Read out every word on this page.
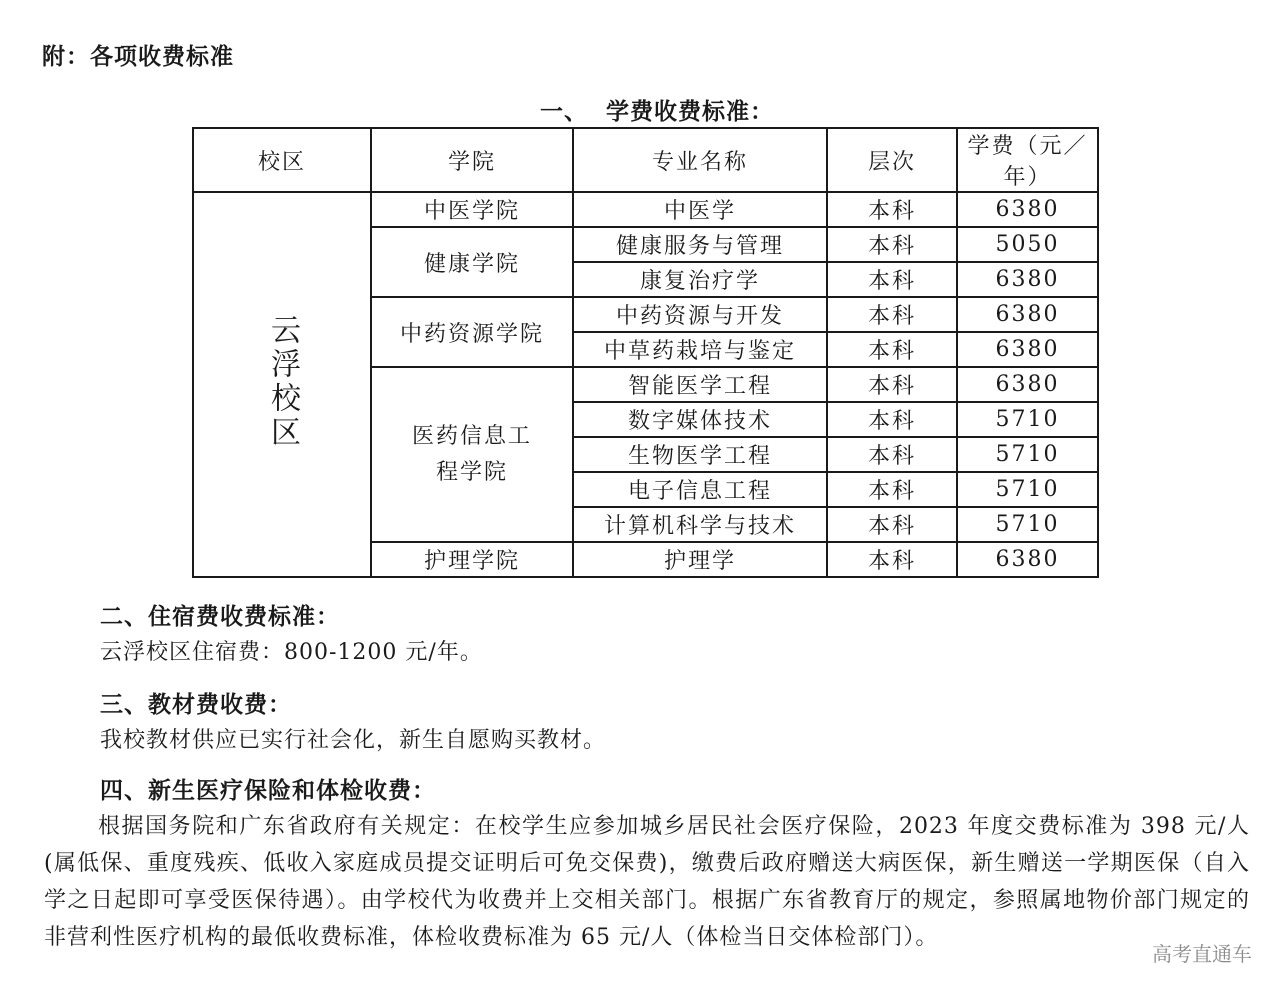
附：各项收费标准
一、  学费收费标准：
校区	学院	专业名称	层次	学费（元／年）
云浮校区	中医学院	中医学	本科	6380
	健康学院	健康服务与管理	本科	5050
		康复治疗学	本科	6380
	中药资源学院	中药资源与开发	本科	6380
		中草药栽培与鉴定	本科	6380
	医药信息工程学院	智能医学工程	本科	6380
		数字媒体技术	本科	5710
		生物医学工程	本科	5710
		电子信息工程	本科	5710
		计算机科学与技术	本科	5710
	护理学院	护理学	本科	6380
二、住宿费收费标准：
云浮校区住宿费：800-1200 元/年。
三、教材费收费：
我校教材供应已实行社会化，新生自愿购买教材。
四、新生医疗保险和体检收费：
根据国务院和广东省政府有关规定：在校学生应参加城乡居民社会医疗保险，2023 年度交费标准为 398 元/人(属低保、重度残疾、低收入家庭成员提交证明后可免交保费)，缴费后政府赠送大病医保，新生赠送一学期医保（自入学之日起即可享受医保待遇）。由学校代为收费并上交相关部门。根据广东省教育厅的规定，参照属地物价部门规定的非营利性医疗机构的最低收费标准，体检收费标准为 65 元/人（体检当日交体检部门）。
高考直通车
